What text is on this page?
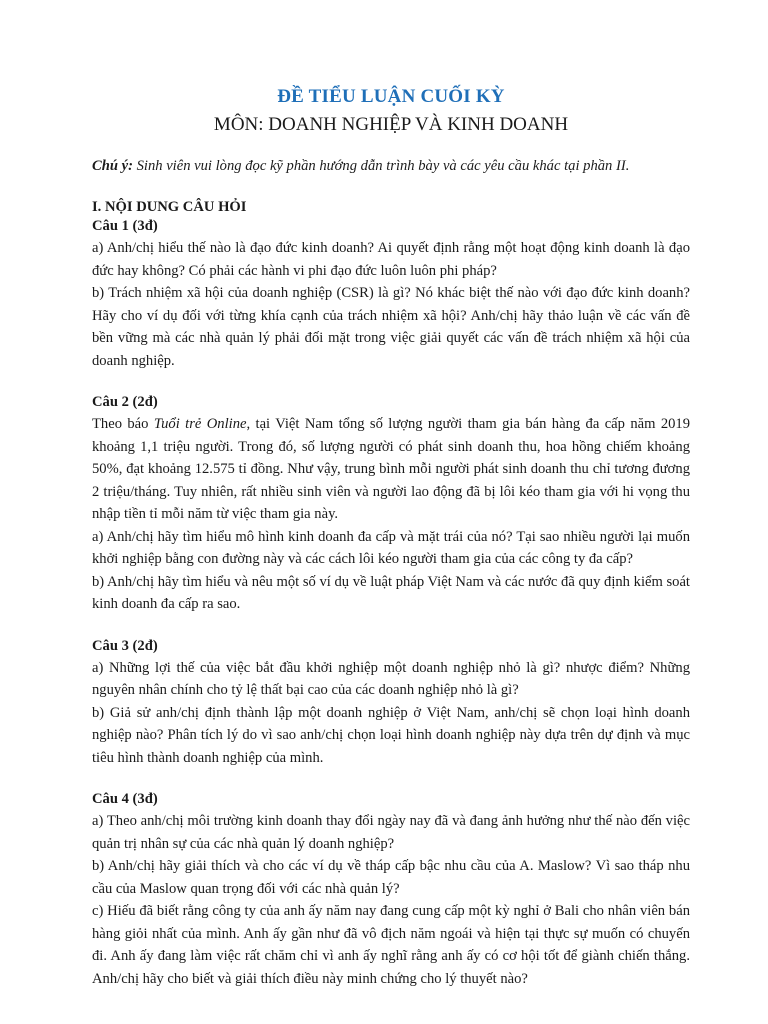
ĐỀ TIỂU LUẬN CUỐI KỲ
MÔN: DOANH NGHIỆP VÀ KINH DOANH

Chú ý: Sinh viên vui lòng đọc kỹ phần hướng dẫn trình bày và các yêu cầu khác tại phần II.

I. NỘI DUNG CÂU HỎI

Câu 1 (3đ)

a) Anh/chị hiểu thế nào là đạo đức kinh doanh? Ai quyết định rằng một hoạt động kinh doanh là đạo đức hay không? Có phải các hành vi phi đạo đức luôn luôn phi pháp?

b) Trách nhiệm xã hội của doanh nghiệp (CSR) là gì? Nó khác biệt thế nào với đạo đức kinh doanh? Hãy cho ví dụ đối với từng khía cạnh của trách nhiệm xã hội? Anh/chị hãy thảo luận về các vấn đề bền vững mà các nhà quản lý phải đối mặt trong việc giải quyết các vấn đề trách nhiệm xã hội của doanh nghiệp.

Câu 2 (2đ)

Theo báo Tuổi trẻ Online, tại Việt Nam tổng số lượng người tham gia bán hàng đa cấp năm 2019 khoảng 1,1 triệu người. Trong đó, số lượng người có phát sinh doanh thu, hoa hồng chiếm khoảng 50%, đạt khoảng 12.575 tỉ đồng. Như vậy, trung bình mỗi người phát sinh doanh thu chỉ tương đương 2 triệu/tháng. Tuy nhiên, rất nhiều sinh viên và người lao động đã bị lôi kéo tham gia với hi vọng thu nhập tiền tỉ mỗi năm từ việc tham gia này.

a) Anh/chị hãy tìm hiểu mô hình kinh doanh đa cấp và mặt trái của nó? Tại sao nhiều người lại muốn khởi nghiệp bằng con đường này và các cách lôi kéo người tham gia của các công ty đa cấp?

b) Anh/chị hãy tìm hiểu và nêu một số ví dụ về luật pháp Việt Nam và các nước đã quy định kiểm soát kinh doanh đa cấp ra sao.

Câu 3 (2đ)

a) Những lợi thế của việc bắt đầu khởi nghiệp một doanh nghiệp nhỏ là gì? nhược điểm? Những nguyên nhân chính cho tỷ lệ thất bại cao của các doanh nghiệp nhỏ là gì?

b) Giả sử anh/chị định thành lập một doanh nghiệp ở Việt Nam, anh/chị sẽ chọn loại hình doanh nghiệp nào? Phân tích lý do vì sao anh/chị chọn loại hình doanh nghiệp này dựa trên dự định và mục tiêu hình thành doanh nghiệp của mình.

Câu 4 (3đ)

a) Theo anh/chị môi trường kinh doanh thay đổi ngày nay đã và đang ảnh hưởng như thế nào đến việc quản trị nhân sự của các nhà quản lý doanh nghiệp?

b) Anh/chị hãy giải thích và cho các ví dụ về tháp cấp bậc nhu cầu của A. Maslow? Vì sao tháp nhu cầu của Maslow quan trọng đối với các nhà quản lý?

c) Hiếu đã biết rằng công ty của anh ấy năm nay đang cung cấp một kỳ nghỉ ở Bali cho nhân viên bán hàng giỏi nhất của mình. Anh ấy gần như đã vô địch năm ngoái và hiện tại thực sự muốn có chuyến đi. Anh ấy đang làm việc rất chăm chỉ vì anh ấy nghĩ rằng anh ấy có cơ hội tốt để giành chiến thắng. Anh/chị hãy cho biết và giải thích điều này minh chứng cho lý thuyết nào?
